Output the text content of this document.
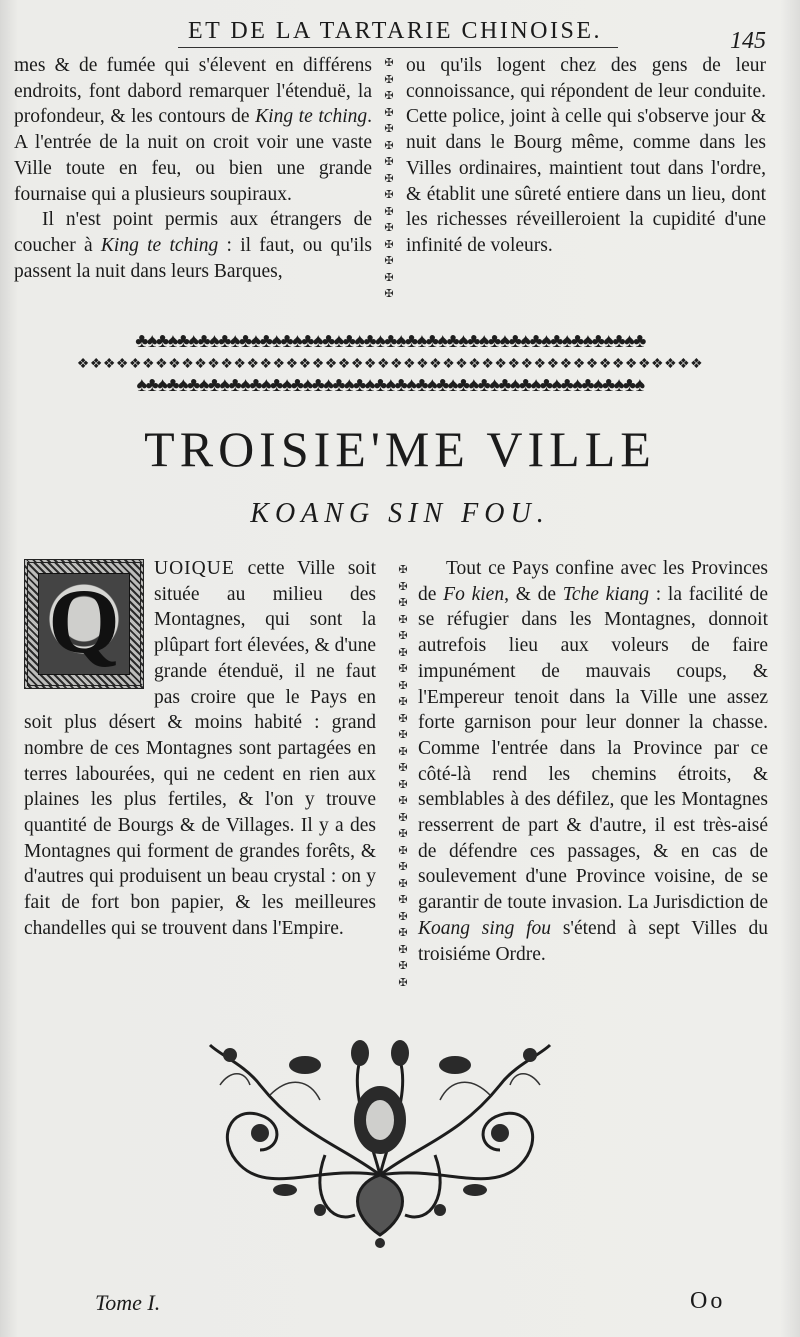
ET DE LA TARTARIE CHINOISE.	145

mes & de fumée qui s'élevent en différens endroits, font dabord remarquer l'étenduë, la profondeur, & les contours de King te tching. A l'entrée de la nuit on croit voir une vaste Ville toute en feu, ou bien une grande fournaise qui a plusieurs soupiraux.

Il n'est point permis aux étrangers de coucher à King te tching : il faut, ou qu'ils passent la nuit dans leurs Barques,

✠
✠
✠
✠
✠
✠
✠
✠
✠
✠
✠
✠
✠
✠
✠

ou qu'ils logent chez des gens de leur connoissance, qui répondent de leur conduite. Cette police, joint à celle qui s'observe jour & nuit dans le Bourg même, comme dans les Villes ordinaires, maintient tout dans l'ordre, & établit une sûreté entiere dans un lieu, dont les richesses réveilleroient la cupidité d'une infinité de voleurs.

♣♠♣♠♣♠♣♠♣♠♣♠♣♠♣♠♣♠♣♠♣♠♣♠♣♠♣♠♣♠♣♠♣♠♣♠♣♠♣♠♣♠♣♠♣♠♣♠♣
❖❖❖❖❖❖❖❖❖❖❖❖❖❖❖❖❖❖❖❖❖❖❖❖❖❖❖❖❖❖❖❖❖❖❖❖❖❖❖❖❖❖❖❖❖❖❖❖
♠♣♠♣♠♣♠♣♠♣♠♣♠♣♠♣♠♣♠♣♠♣♠♣♠♣♠♣♠♣♠♣♠♣♠♣♠♣♠♣♠♣♠♣♠♣♠♣♠
TROISIE'ME VILLE
KOANG SIN FOU.
Q

UOIQUE cette Ville soit située au milieu des Montagnes, qui sont la plûpart fort élevées, & d'une grande étenduë, il ne faut pas croire que le Pays en soit plus désert & moins habité : grand nombre de ces Montagnes sont partagées en terres labourées, qui ne cedent en rien aux plaines les plus fertiles, & l'on y trouve quantité de Bourgs & de Villages. Il y a des Montagnes qui forment de grandes forêts, & d'autres qui produisent un beau crystal : on y fait de fort bon papier, & les meilleures chandelles qui se trouvent dans l'Empire.

✠
✠
✠
✠
✠
✠
✠
✠
✠
✠
✠
✠
✠
✠
✠
✠
✠
✠
✠
✠
✠
✠
✠
✠
✠
✠

Tout ce Pays confine avec les Provinces de Fo kien, & de Tche kiang : la facilité de se réfugier dans les Montagnes, donnoit autrefois lieu aux voleurs de faire impunément de mauvais coups, & l'Empereur tenoit dans la Ville une assez forte garnison pour leur donner la chasse. Comme l'entrée dans la Province par ce côté-là rend les chemins étroits, & semblables à des défilez, que les Montagnes resserrent de part & d'autre, il est très-aisé de défendre ces passages, & en cas de soulevement d'une Province voisine, de se garantir de toute invasion. La Jurisdiction de Koang sing fou s'étend à sept Villes du troisiéme Ordre.

Tome I.	Oo
